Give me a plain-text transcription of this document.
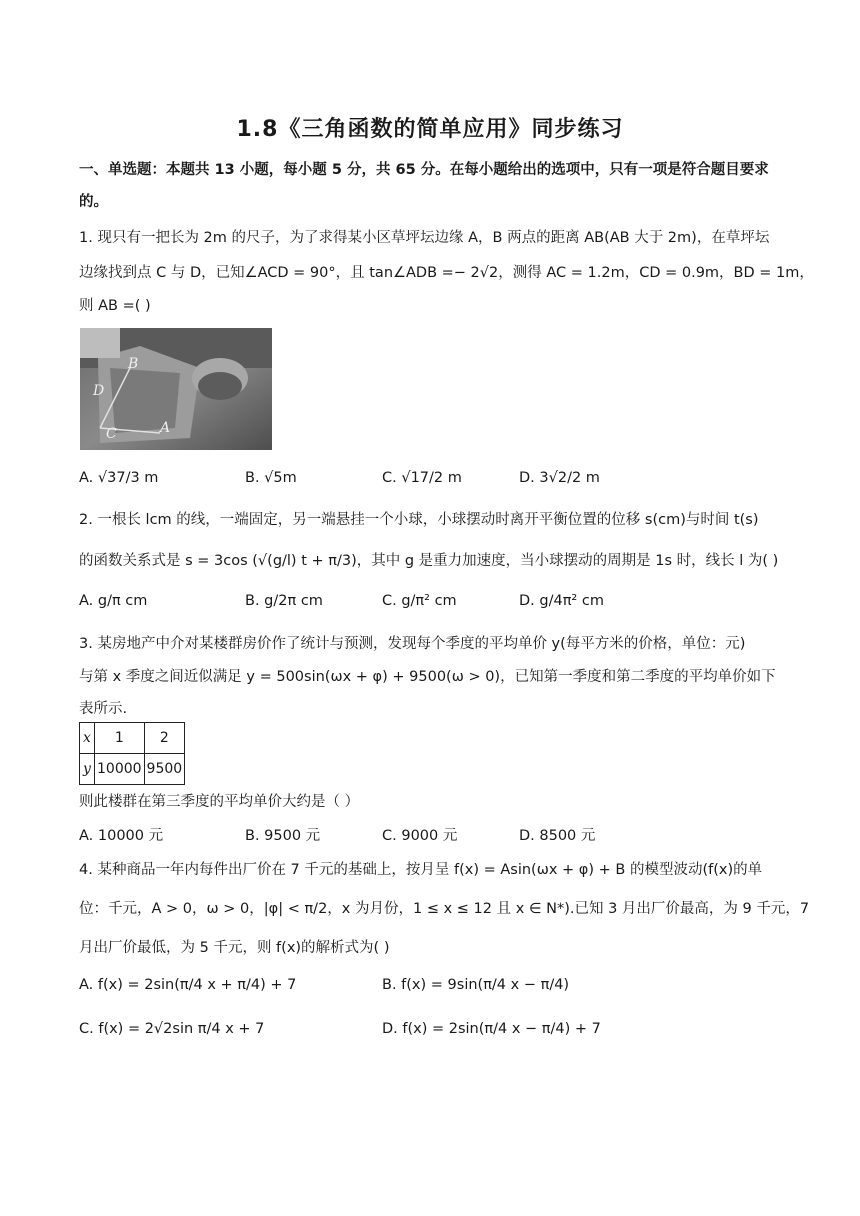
1.8《三角函数的简单应用》同步练习
一、单选题：本题共 13 小题，每小题 5 分，共 65 分。在每小题给出的选项中，只有一项是符合题目要求
的。
1. 现只有一把长为 2m 的尺子，为了求得某小区草坪坛边缘 A，B 两点的距离 AB(AB 大于 2m)，在草坪坛
边缘找到点 C 与 D，已知∠ACD = 90°，且 tan∠ADB =− 2√2，测得 AC = 1.2m，CD = 0.9m，BD = 1m，
则 AB =( )
B
D
C	A
A. √37/3 m	B. √5m	C. √17/2 m	D. 3√2/2 m
2. 一根长 lcm 的线，一端固定，另一端悬挂一个小球，小球摆动时离开平衡位置的位移 s(cm)与时间 t(s)
的函数关系式是 s = 3cos (√(g/l) t + π/3)，其中 g 是重力加速度，当小球摆动的周期是 1s 时，线长 l 为( )
A. g/π cm	B. g/2π cm	C. g/π² cm	D. g/4π² cm
3. 某房地产中介对某楼群房价作了统计与预测，发现每个季度的平均单价 y(每平方米的价格，单位：元)
与第 x 季度之间近似满足 y = 500sin(ωx + φ) + 9500(ω > 0)，已知第一季度和第二季度的平均单价如下
表所示.
x	1	2
y	10000	9500
则此楼群在第三季度的平均单价大约是（ ）
A. 10000 元	B. 9500 元	C. 9000 元	D. 8500 元
4. 某种商品一年内每件出厂价在 7 千元的基础上，按月呈 f(x) = Asin(ωx + φ) + B 的模型波动(f(x)的单
位：千元，A > 0，ω > 0，|φ| < π/2，x 为月份，1 ≤ x ≤ 12 且 x ∈ N*).已知 3 月出厂价最高，为 9 千元，7
月出厂价最低，为 5 千元，则 f(x)的解析式为( )
A. f(x) = 2sin(π/4 x + π/4) + 7	B. f(x) = 9sin(π/4 x − π/4)
C. f(x) = 2√2sin π/4 x + 7	D. f(x) = 2sin(π/4 x − π/4) + 7
